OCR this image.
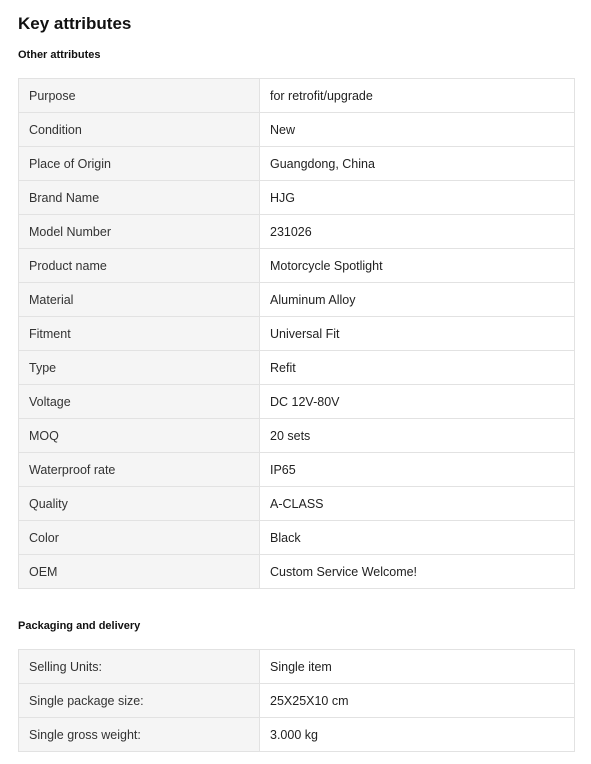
Key attributes
Other attributes
Purpose	for retrofit/upgrade
Condition	New
Place of Origin	Guangdong, China
Brand Name	HJG
Model Number	231026
Product name	Motorcycle Spotlight
Material	Aluminum Alloy
Fitment	Universal Fit
Type	Refit
Voltage	DC 12V-80V
MOQ	20 sets
Waterproof rate	IP65
Quality	A-CLASS
Color	Black
OEM	Custom Service Welcome!
Packaging and delivery
Selling Units:	Single item
Single package size:	25X25X10 cm
Single gross weight:	3.000 kg
